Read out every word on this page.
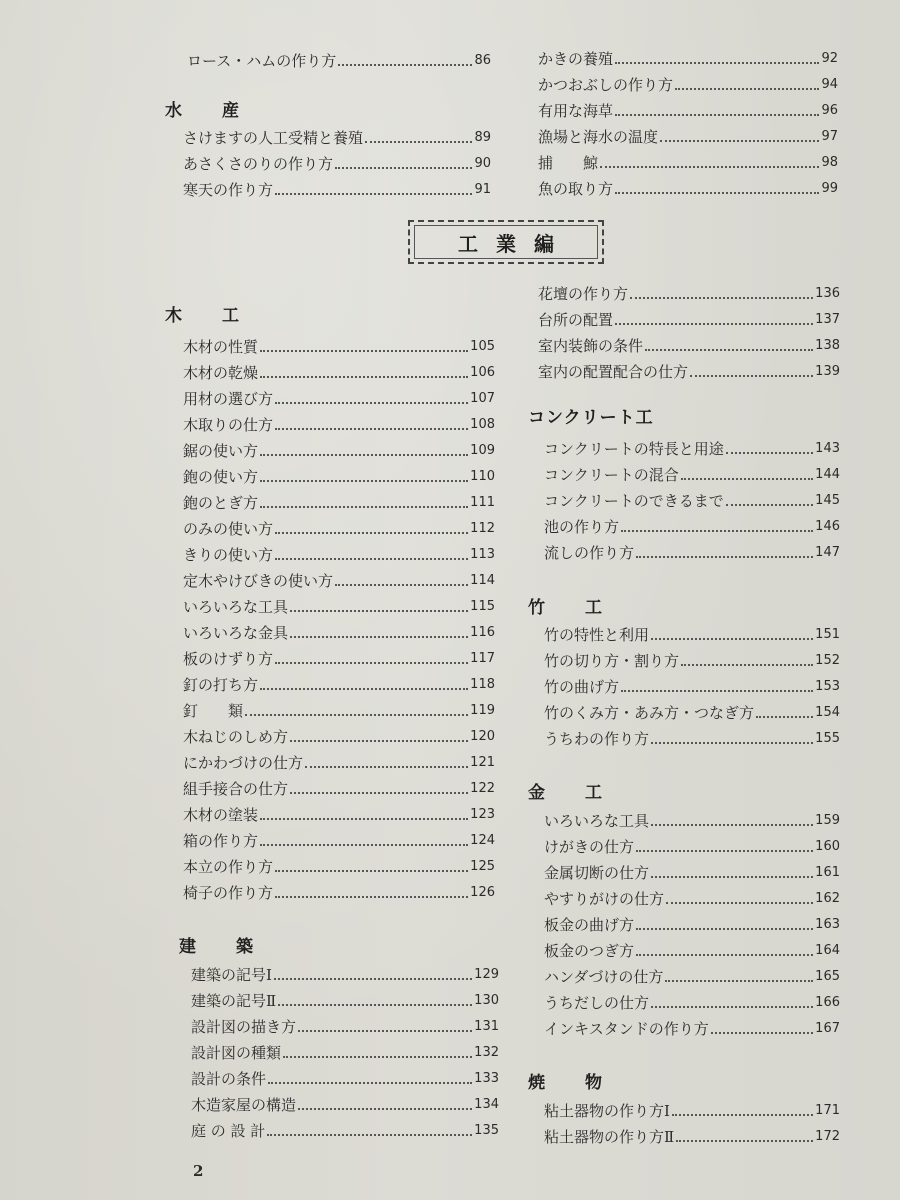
ロース・ハムの作り方	86
水　　産
さけますの人工受精と養殖	89
あさくさのりの作り方	90
寒天の作り方	91
木　　工
木材の性質	105
木材の乾燥	106
用材の選び方	107
木取りの仕方	108
鋸の使い方	109
鉋の使い方	110
鉋のとぎ方	111
のみの使い方	112
きりの使い方	113
定木やけびきの使い方	114
いろいろな工具	115
いろいろな金具	116
板のけずり方	117
釘の打ち方	118
釘　　類	119
木ねじのしめ方	120
にかわづけの仕方	121
組手接合の仕方	122
木材の塗装	123
箱の作り方	124
本立の作り方	125
椅子の作り方	126
建　　築
建築の記号Ⅰ	129
建築の記号Ⅱ	130
設計図の描き方	131
設計図の種類	132
設計の条件	133
木造家屋の構造	134
庭 の 設 計	135
工業編
かきの養殖	92
かつおぶしの作り方	94
有用な海草	96
漁場と海水の温度	97
捕　　鯨	98
魚の取り方	99
花壇の作り方	136
台所の配置	137
室内装飾の条件	138
室内の配置配合の仕方	139
コンクリート工
コンクリートの特長と用途	143
コンクリートの混合	144
コンクリートのできるまで	145
池の作り方	146
流しの作り方	147
竹　　工
竹の特性と利用	151
竹の切り方・割り方	152
竹の曲げ方	153
竹のくみ方・あみ方・つなぎ方	154
うちわの作り方	155
金　　工
いろいろな工具	159
けがきの仕方	160
金属切断の仕方	161
やすりがけの仕方	162
板金の曲げ方	163
板金のつぎ方	164
ハンダづけの仕方	165
うちだしの仕方	166
インキスタンドの作り方	167
焼　　物
粘土器物の作り方Ⅰ	171
粘土器物の作り方Ⅱ	172
2
